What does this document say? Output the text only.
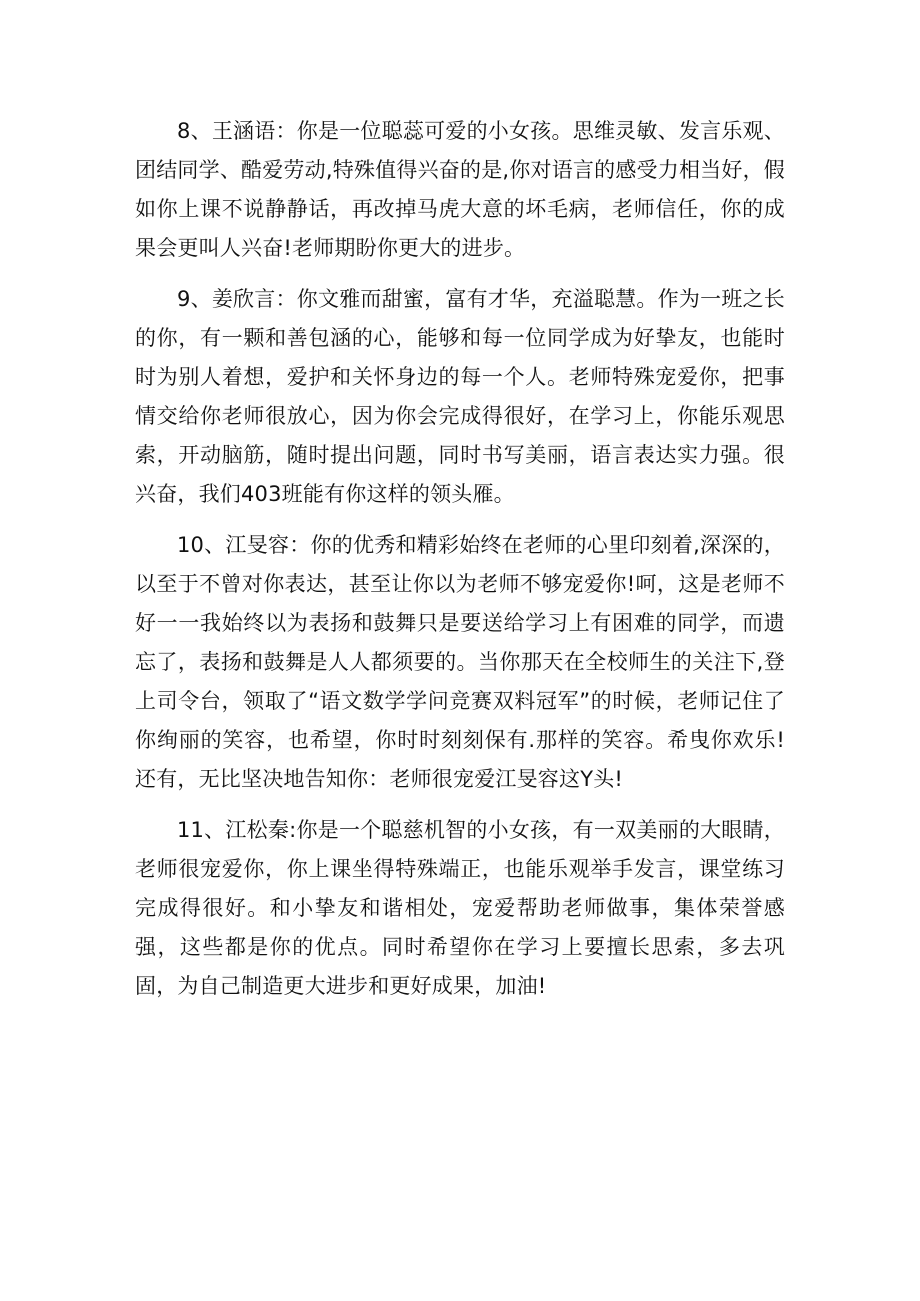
8、王涵语：你是一位聪蕊可爱的小女孩。思维灵敏、发言乐观、团结同学、酷爱劳动,特殊值得兴奋的是,你对语言的感受力相当好，假如你上课不说静静话，再改掉马虎大意的坏毛病，老师信任，你的成果会更叫人兴奋!老师期盼你更大的进步。

9、姜欣言：你文雅而甜蜜，富有才华，充溢聪慧。作为一班之长的你，有一颗和善包涵的心，能够和每一位同学成为好挚友，也能时时为别人着想，爱护和关怀身边的每一个人。老师特殊宠爱你，把事情交给你老师很放心，因为你会完成得很好，在学习上，你能乐观思索，开动脑筋，随时提出问题，同时书写美丽，语言表达实力强。很兴奋，我们403班能有你这样的领头雁。

10、江旻容：你的优秀和精彩始终在老师的心里印刻着,深深的，以至于不曾对你表达，甚至让你以为老师不够宠爱你!呵，这是老师不好一一我始终以为表扬和鼓舞只是要送给学习上有困难的同学，而遗忘了，表扬和鼓舞是人人都须要的。当你那天在全校师生的关注下,登上司令台，领取了“语文数学学问竞赛双料冠军”的时候，老师记住了你绚丽的笑容，也希望，你时时刻刻保有.那样的笑容。希曳你欢乐!还有，无比坚决地告知你：老师很宠爱江旻容这Y头!

11、江松秦:你是一个聪慈机智的小女孩，有一双美丽的大眼睛，老师很宠爱你，你上课坐得特殊端正，也能乐观举手发言，课堂练习完成得很好。和小挚友和谐相处，宠爱帮助老师做事，集体荣誉感强，这些都是你的优点。同时希望你在学习上要擅长思索，多去巩固，为自己制造更大进步和更好成果，加油!
